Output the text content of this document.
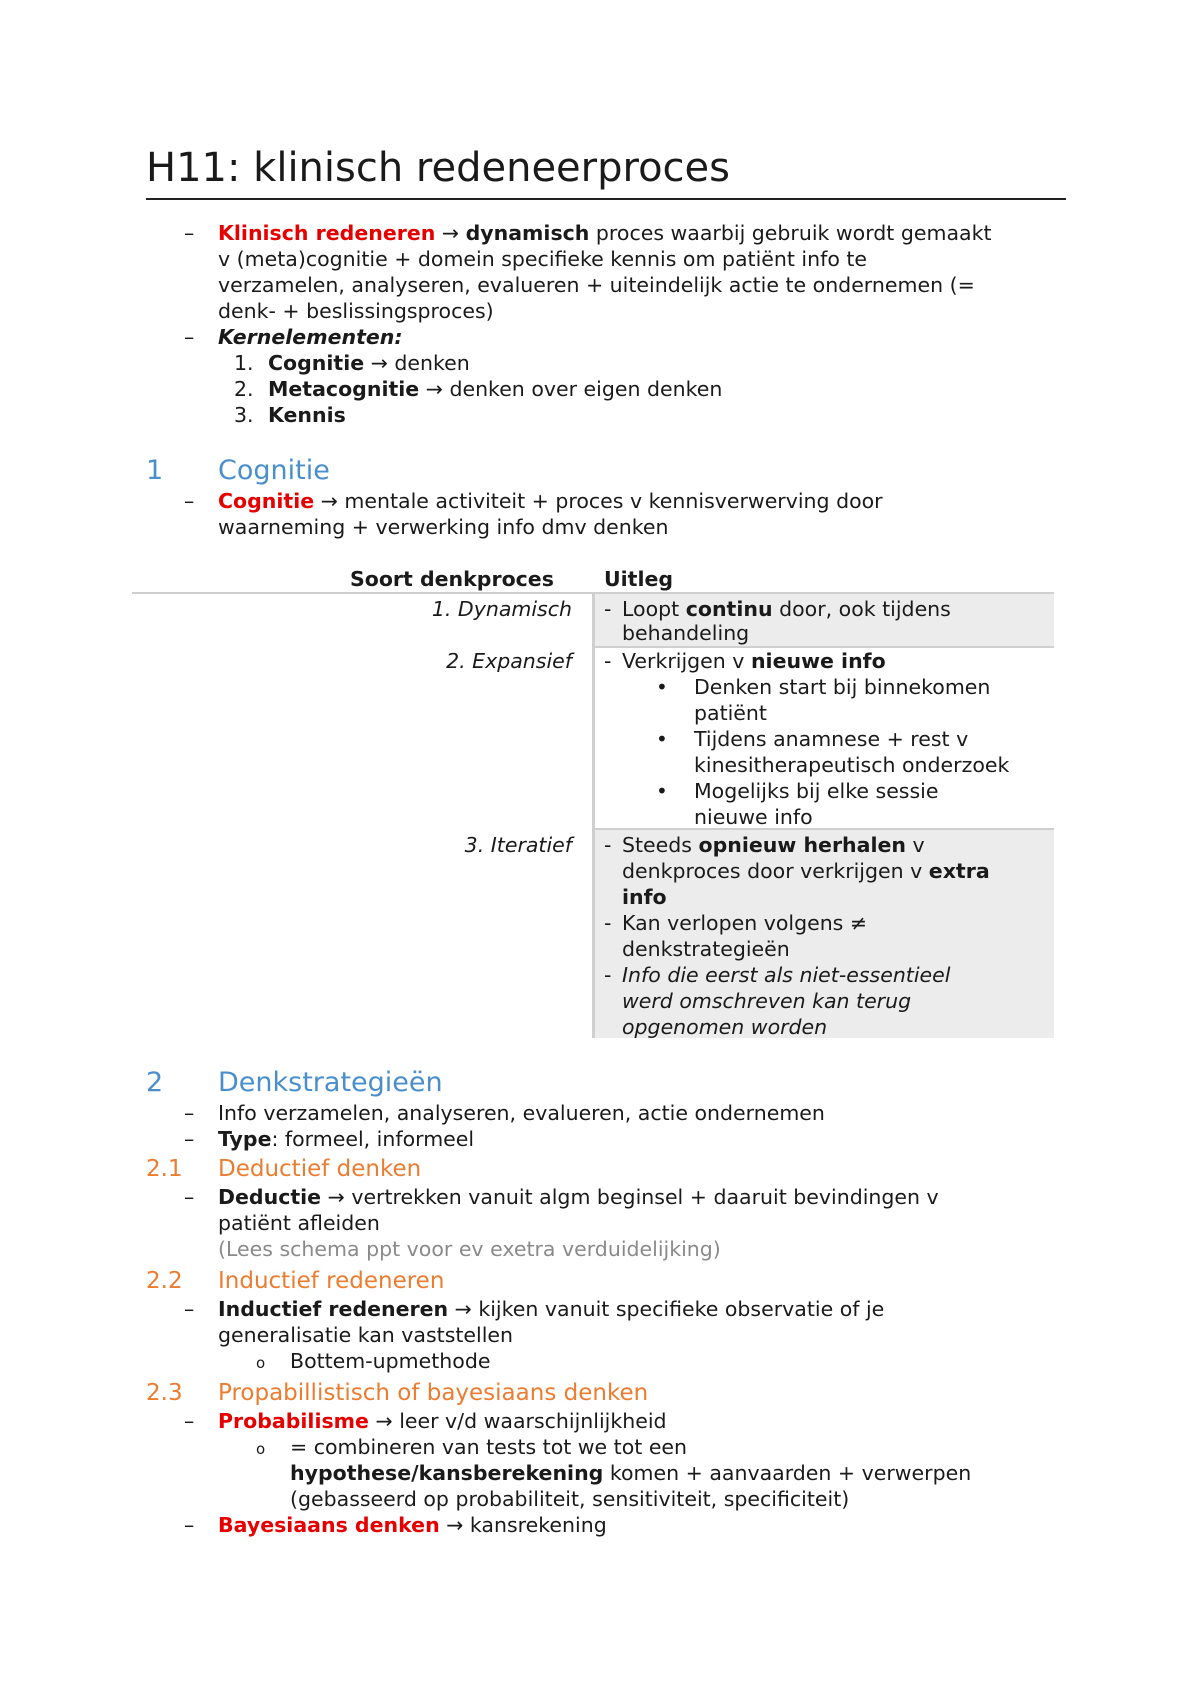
H11: klinisch redeneerproces
– Klinisch redeneren → dynamisch proces waarbij gebruik wordt gemaakt
v (meta)cognitie + domein specifieke kennis om patiënt info te
verzamelen, analyseren, evalueren + uiteindelijk actie te ondernemen (=
denk- + beslissingsproces)
– Kernelementen:
1. Cognitie → denken
2. Metacognitie → denken over eigen denken
3. Kennis
1 Cognitie
– Cognitie → mentale activiteit + proces v kennisverwerving door
waarneming + verwerking info dmv denken
Soort denkproces Uitleg
1. Dynamisch - Loopt continu door, ook tijdens
behandeling
2. Expansief - Verkrijgen v nieuwe info
• Denken start bij binnekomen
patiënt
• Tijdens anamnese + rest v
kinesitherapeutisch onderzoek
• Mogelijks bij elke sessie
nieuwe info
3. Iteratief - Steeds opnieuw herhalen v
denkproces door verkrijgen v extra
info
- Kan verlopen volgens ≠
denkstrategieën
- Info die eerst als niet-essentieel
werd omschreven kan terug
opgenomen worden
2 Denkstrategieën
– Info verzamelen, analyseren, evalueren, actie ondernemen
– Type: formeel, informeel
2.1 Deductief denken
– Deductie → vertrekken vanuit algm beginsel + daaruit bevindingen v
patiënt afleiden
(Lees schema ppt voor ev exetra verduidelijking)
2.2 Inductief redeneren
– Inductief redeneren → kijken vanuit specifieke observatie of je
generalisatie kan vaststellen
o Bottem-upmethode
2.3 Propabillistisch of bayesiaans denken
– Probabilisme → leer v/d waarschijnlijkheid
o = combineren van tests tot we tot een
hypothese/kansberekening komen + aanvaarden + verwerpen
(gebasseerd op probabiliteit, sensitiviteit, specificiteit)
– Bayesiaans denken → kansrekening
